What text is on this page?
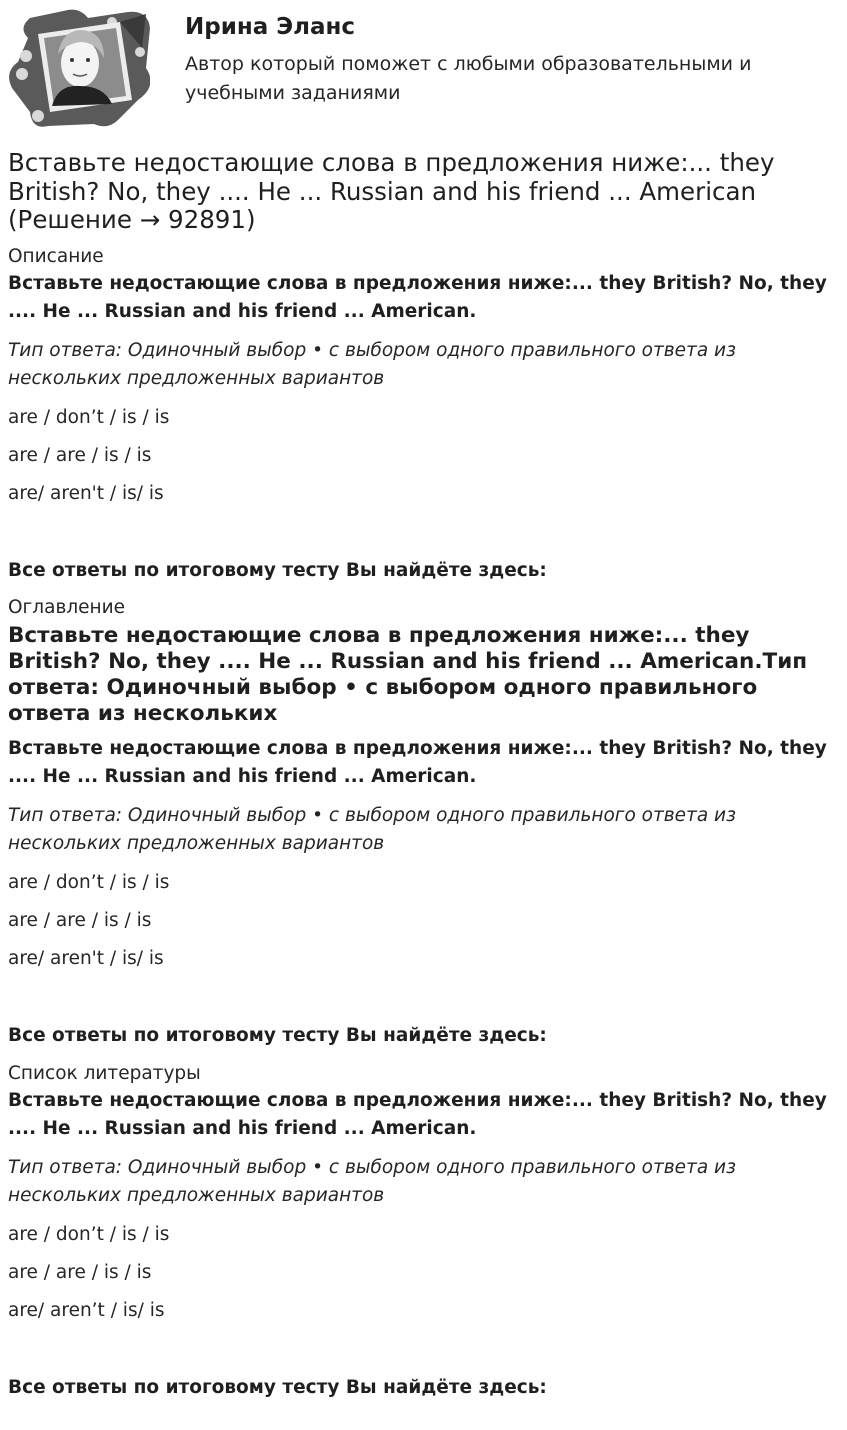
Ирина Эланс
Автор который поможет с любыми образовательными и учебными заданиями
Вставьте недостающие слова в предложения ниже:... they British? No, they .... He ... Russian and his friend ... American (Решение → 92891)

Описание

Вставьте недостающие слова в предложения ниже:... they British? No, they .... He ... Russian and his friend ... American.

Тип ответа: Одиночный выбор • с выбором одного правильного ответа из нескольких предложенных вариантов

are / don’t / is / is

are / are / is / is

are/ aren't / is/ is

Все ответы по итоговому тесту Вы найдёте здесь:

Оглавление

Вставьте недостающие слова в предложения ниже:... they British? No, they .... He ... Russian and his friend ... American.Тип ответа: Одиночный выбор • с выбором одного правильного ответа из нескольких

Вставьте недостающие слова в предложения ниже:... they British? No, they .... He ... Russian and his friend ... American.

Тип ответа: Одиночный выбор • с выбором одного правильного ответа из нескольких предложенных вариантов

are / don’t / is / is

are / are / is / is

are/ aren't / is/ is

Все ответы по итоговому тесту Вы найдёте здесь:

Список литературы

Вставьте недостающие слова в предложения ниже:... they British? No, they .... He ... Russian and his friend ... American.

Тип ответа: Одиночный выбор • с выбором одного правильного ответа из нескольких предложенных вариантов

are / don’t / is / is

are / are / is / is

are/ aren’t / is/ is

Все ответы по итоговому тесту Вы найдёте здесь:
